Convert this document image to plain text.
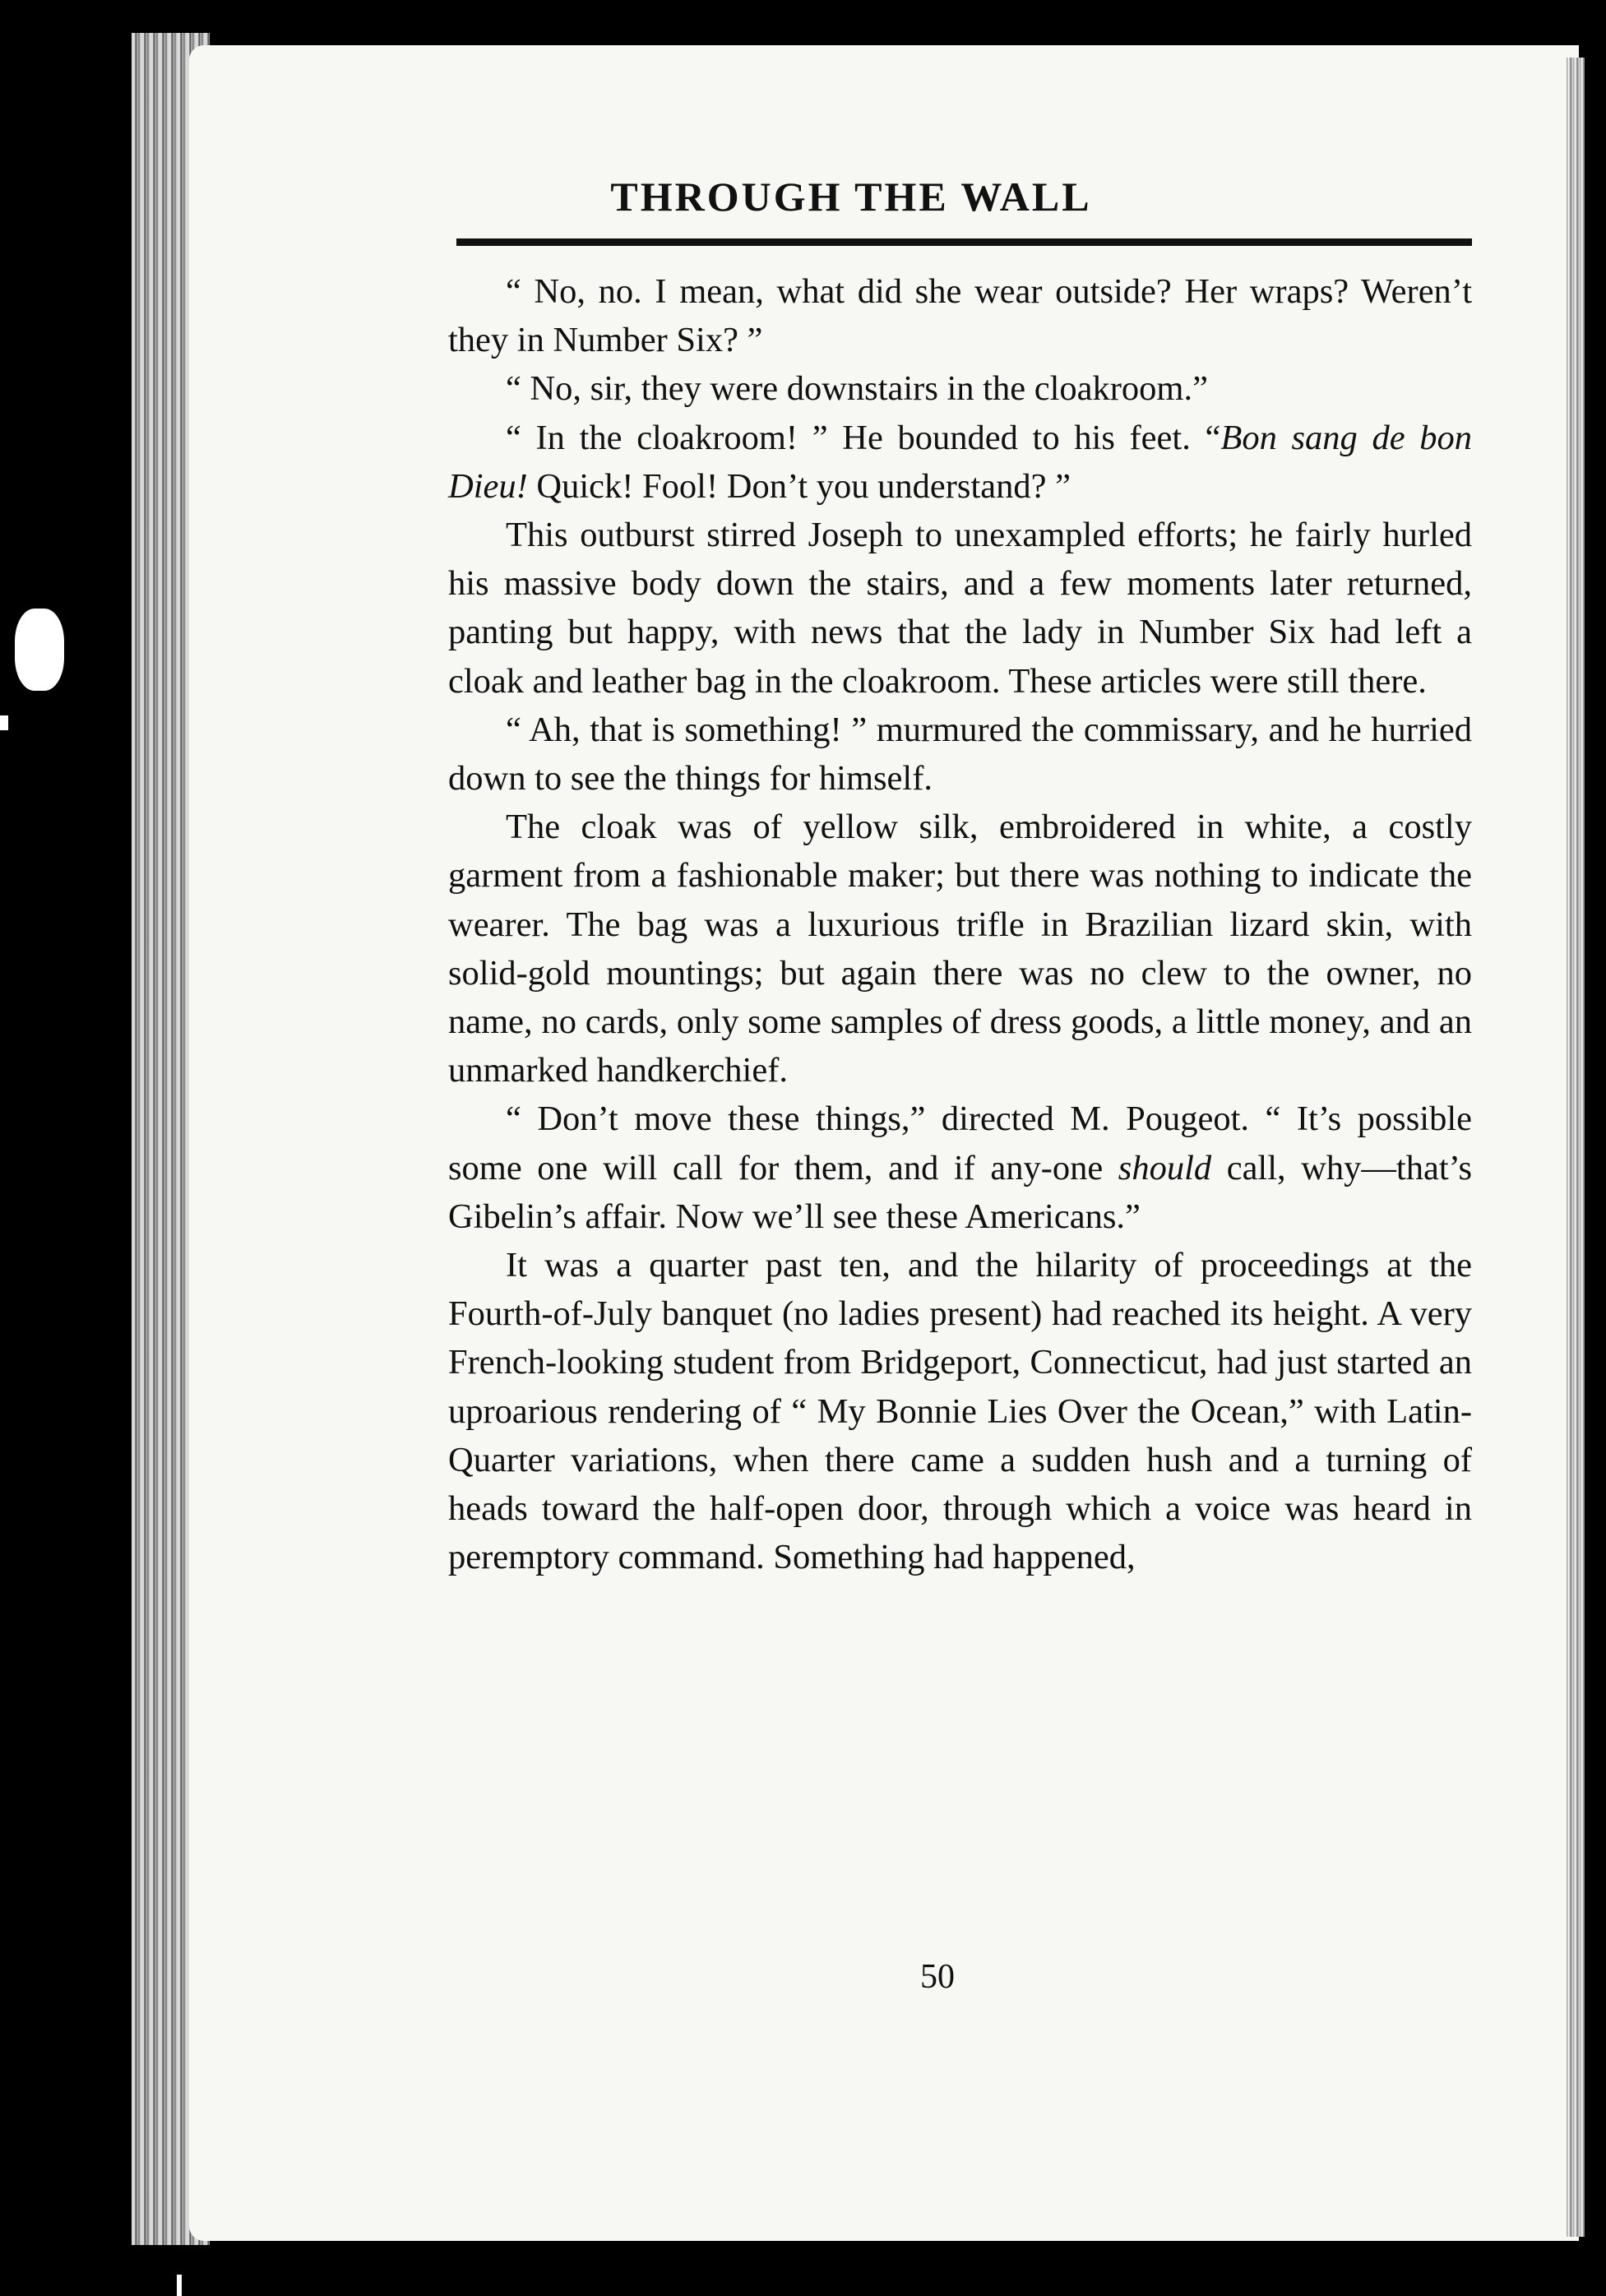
THROUGH THE WALL

“ No, no. I mean, what did she wear outside? Her wraps? Weren’t they in Number Six? ”

“ No, sir, they were downstairs in the cloakroom.”

“ In the cloakroom! ” He bounded to his feet. “Bon sang de bon Dieu! Quick! Fool! Don’t you understand? ”

This outburst stirred Joseph to unexampled efforts; he fairly hurled his massive body down the stairs, and a few moments later returned, panting but happy, with news that the lady in Number Six had left a cloak and leather bag in the cloakroom. These articles were still there.

“ Ah, that is something! ” murmured the commissary, and he hurried down to see the things for himself.

The cloak was of yellow silk, embroidered in white, a costly garment from a fashionable maker; but there was nothing to indicate the wearer. The bag was a luxurious trifle in Brazilian lizard skin, with solid-gold mountings; but again there was no clew to the owner, no name, no cards, only some samples of dress goods, a little money, and an unmarked handkerchief.

“ Don’t move these things,” directed M. Pougeot. “ It’s possible some one will call for them, and if any-one should call, why—that’s Gibelin’s affair. Now we’ll see these Americans.”

It was a quarter past ten, and the hilarity of proceedings at the Fourth-of-July banquet (no ladies present) had reached its height. A very French-looking student from Bridgeport, Connecticut, had just started an uproarious rendering of “ My Bonnie Lies Over the Ocean,” with Latin-Quarter variations, when there came a sudden hush and a turning of heads toward the half-open door, through which a voice was heard in peremptory command. Something had happened,

50
